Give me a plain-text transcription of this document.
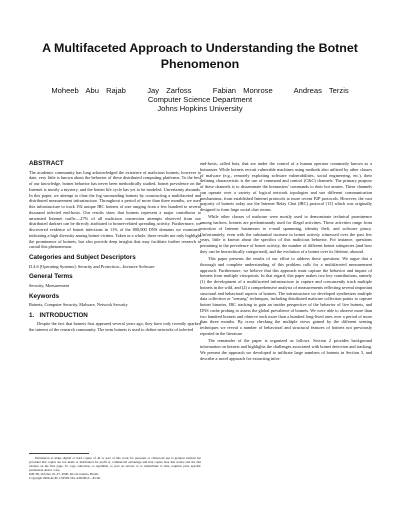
A Multifaceted Approach to Understanding the Botnet Phenomenon
Moheeb Abu Rajab   Jay Zarfoss   Fabian Monrose   Andreas Terzis
Computer Science Department
Johns Hopkins University
ABSTRACT

The academic community has long acknowledged the existence of malicious botnets, however to date, very little is known about the behavior of these distributed computing platforms. To the best of our knowledge, botnet behavior has never been methodically studied, botnet prevalence on the Internet is mostly a mystery, and the botnet life cycle has yet to be modeled. Uncertainty abounds. In this paper, we attempt to clear the fog surrounding botnets by constructing a multifaceted and distributed measurement infrastructure. Throughout a period of more than three months, we used this infrastructure to track 192 unique IRC botnets of size ranging from a few hundred to several thousand infected end-hosts. Our results show that botnets represent a major contributor to unwanted Internet traffic—27% of all malicious connection attempts observed from our distributed darknet can be directly attributed to botnet-related spreading activity. Furthermore, we discovered evidence of botnet infections in 11% of the 800,000 DNS domains we examined, indicating a high diversity among botnet victims. Taken as a whole, these results not only highlight the prominence of botnets, but also provide deep insights that may facilitate further research to curtail this phenomenon.

Categories and Subject Descriptors

D.4.6 [Operating Systems]: Security and Protection—Invasive Software

General Terms

Security, Measurement

Keywords

Botnets, Computer Security, Malware, Network Security

1.   INTRODUCTION

Despite the fact that botnets first appeared several years ago, they have only recently sparked the interest of the research community. The term botnets is used to define networks of infected

Permission to make digital or hard copies of all or part of this work for personal or classroom use is granted without fee provided that copies are not made or distributed for profit or commercial advantage and that copies bear this notice and the full citation on the first page. To copy otherwise, to republish, to post on servers or to redistribute to lists, requires prior specific permission and/or a fee.

IMC'06, October 25–27, 2006, Rio de Janeiro, Brazil.

Copyright 2006 ACM 1-59593-561-4/06/0010 ...$5.00.

end-hosts, called bots, that are under the control of a human operator commonly known as a botmaster. While botnets recruit vulnerable machines using methods also utilized by other classes of malware (e.g., remotely exploiting software vulnerabilities, social engineering, etc.), their defining characteristic is the use of command and control (C&C) channels. The primary purpose of these channels is to disseminate the botmasters' commands to their bot armies. These channels can operate over a variety of logical network topologies and use different communication mechanisms, from established Internet protocols to more recent P2P protocols. However, the vast majority of botnets today use the Internet Relay Chat (IRC) protocol [13] which was originally designed to form large social chat rooms.

While other classes of malware were mostly used to demonstrate technical prominence among hackers, botnets are predominantly used for illegal activities. These activities range from extortion of Internet businesses to e-mail spamming, identity theft, and software piracy. Unfortunately, even with the substantial increase in botnet activity witnessed over the past few years, little is known about the specifics of this malicious behavior. For instance, questions pertaining to the prevalence of botnet activity, the number of different botnet subspecies (and how they can be hierarchically categorized), and the evolution of a botnet over its lifetime, abound.

This paper presents the results of our effort to address these questions. We argue that a thorough and complete understanding of this problem calls for a multifaceted measurement approach. Furthermore, we believe that this approach must capture the behavior and impact of botnets from multiple viewpoints. In that regard, this paper makes two key contributions, namely (1) the development of a multifaceted infrastructure to capture and concurrently track multiple botnets in the wild, and (2) a comprehensive analysis of measurements reflecting several important structural and behavioral aspects of botnets. The infrastructure we developed synthesizes multiple data collection or "sensing" techniques, including distributed malware collection points to capture botnet binaries, IRC tracking to gain an insider perspective of the behavior of live botnets, and DNS cache probing to assess the global prevalence of botnets. We were able to observe more than two hundred botnets and observe each more than a hundred long-lived ones over a period of more than three months. By cross checking the multiple views gained by the different sensing techniques we reveal a number of behavioral and structural features of botnets not previously reported in the literature.

The remainder of the paper is organized as follows. Section 2 provides background information on botnets and highlights the challenges associated with botnet detection and tracking. We present the approach we developed to infiltrate large numbers of botnets in Section 3, and describe a novel approach for extracting infor-
